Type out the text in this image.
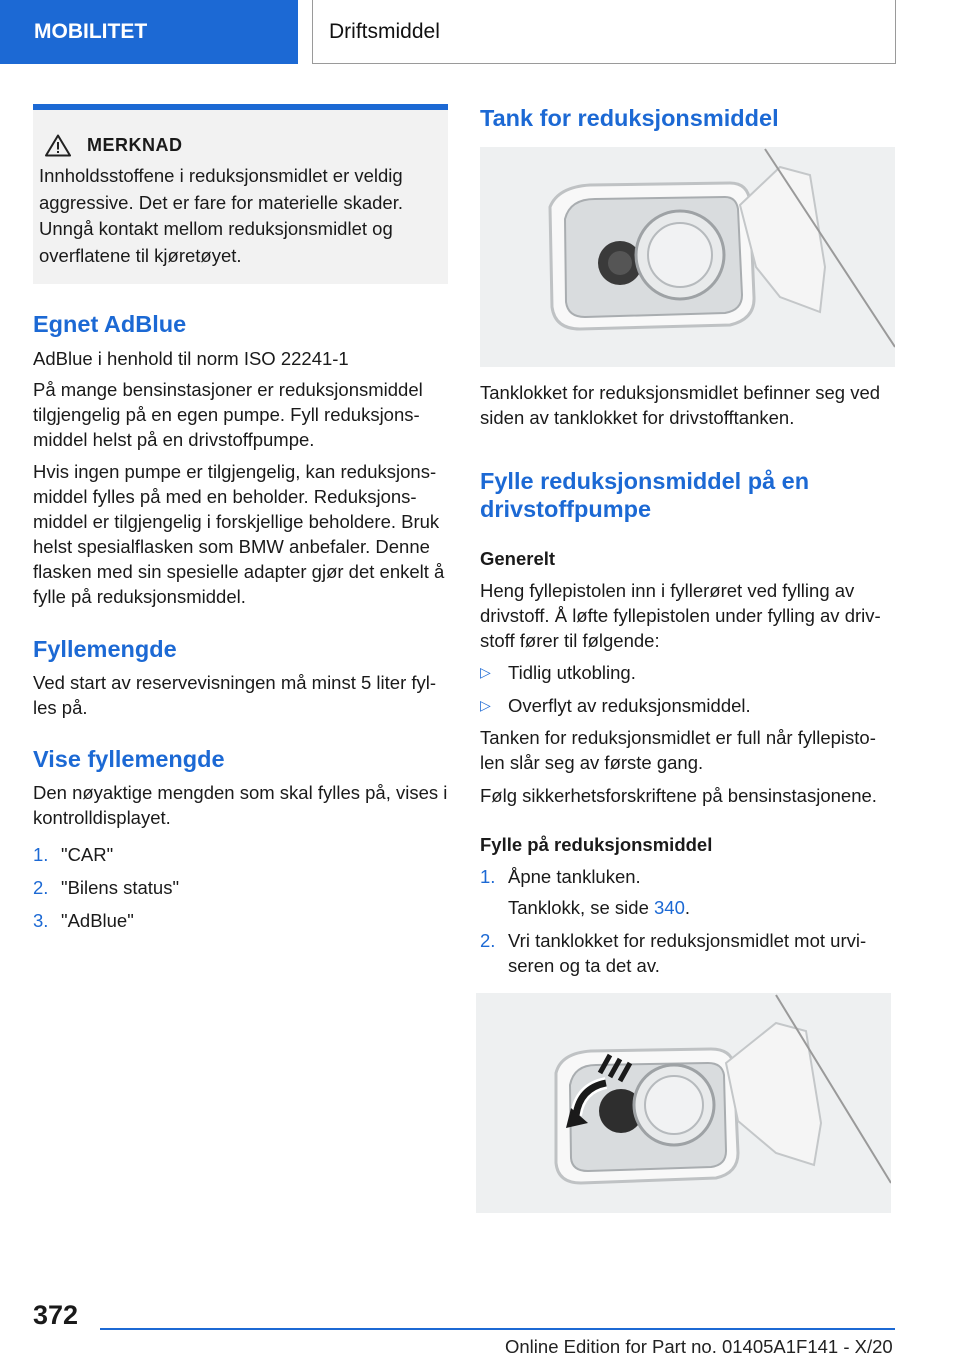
MOBILITET	Driftsmiddel
MERKNAD

Innholdsstoffene i reduksjonsmidlet er veldig aggressive. Det er fare for materielle skader. Unngå kontakt mellom reduksjonsmidlet og overflatene til kjøretøyet.

Egnet AdBlue

AdBlue i henhold til norm ISO 22241-1

På mange bensinstasjoner er reduksjonsmiddel tilgjengelig på en egen pumpe. Fyll reduksjons-middel helst på en drivstoffpumpe.

Hvis ingen pumpe er tilgjengelig, kan reduksjons-middel fylles på med en beholder. Reduksjons-middel er tilgjengelig i forskjellige beholdere. Bruk helst spesialflasken som BMW anbefaler. Denne flasken med sin spesielle adapter gjør det enkelt å fylle på reduksjonsmiddel.

Fyllemengde

Ved start av reservevisningen må minst 5 liter fyl-les på.

Vise fyllemengde

Den nøyaktige mengden som skal fylles på, vises i kontrolldisplayet.

1. "CAR"
2. "Bilens status"
3. "AdBlue"
Tank for reduksjonsmiddel

Tanklokket for reduksjonsmidlet befinner seg ved siden av tanklokket for drivstofftanken.

Fylle reduksjonsmiddel på en drivstoffpumpe
Generelt

Heng fyllepistolen inn i fyllerøret ved fylling av drivstoff. Å løfte fyllepistolen under fylling av driv-stoff fører til følgende:

▷ Tidlig utkobling.
▷ Overflyt av reduksjonsmiddel.

Tanken for reduksjonsmidlet er full når fyllepisto-len slår seg av første gang.

Følg sikkerhetsforskriftene på bensinstasjonene.

Fylle på reduksjonsmiddel
1. Åpne tankluken.
Tanklokk, se side
340 .
2. Vri tanklokket for reduksjonsmidlet mot urvi-seren og ta det av.
372
Online Edition for Part no. 01405A1F141 - X/20
